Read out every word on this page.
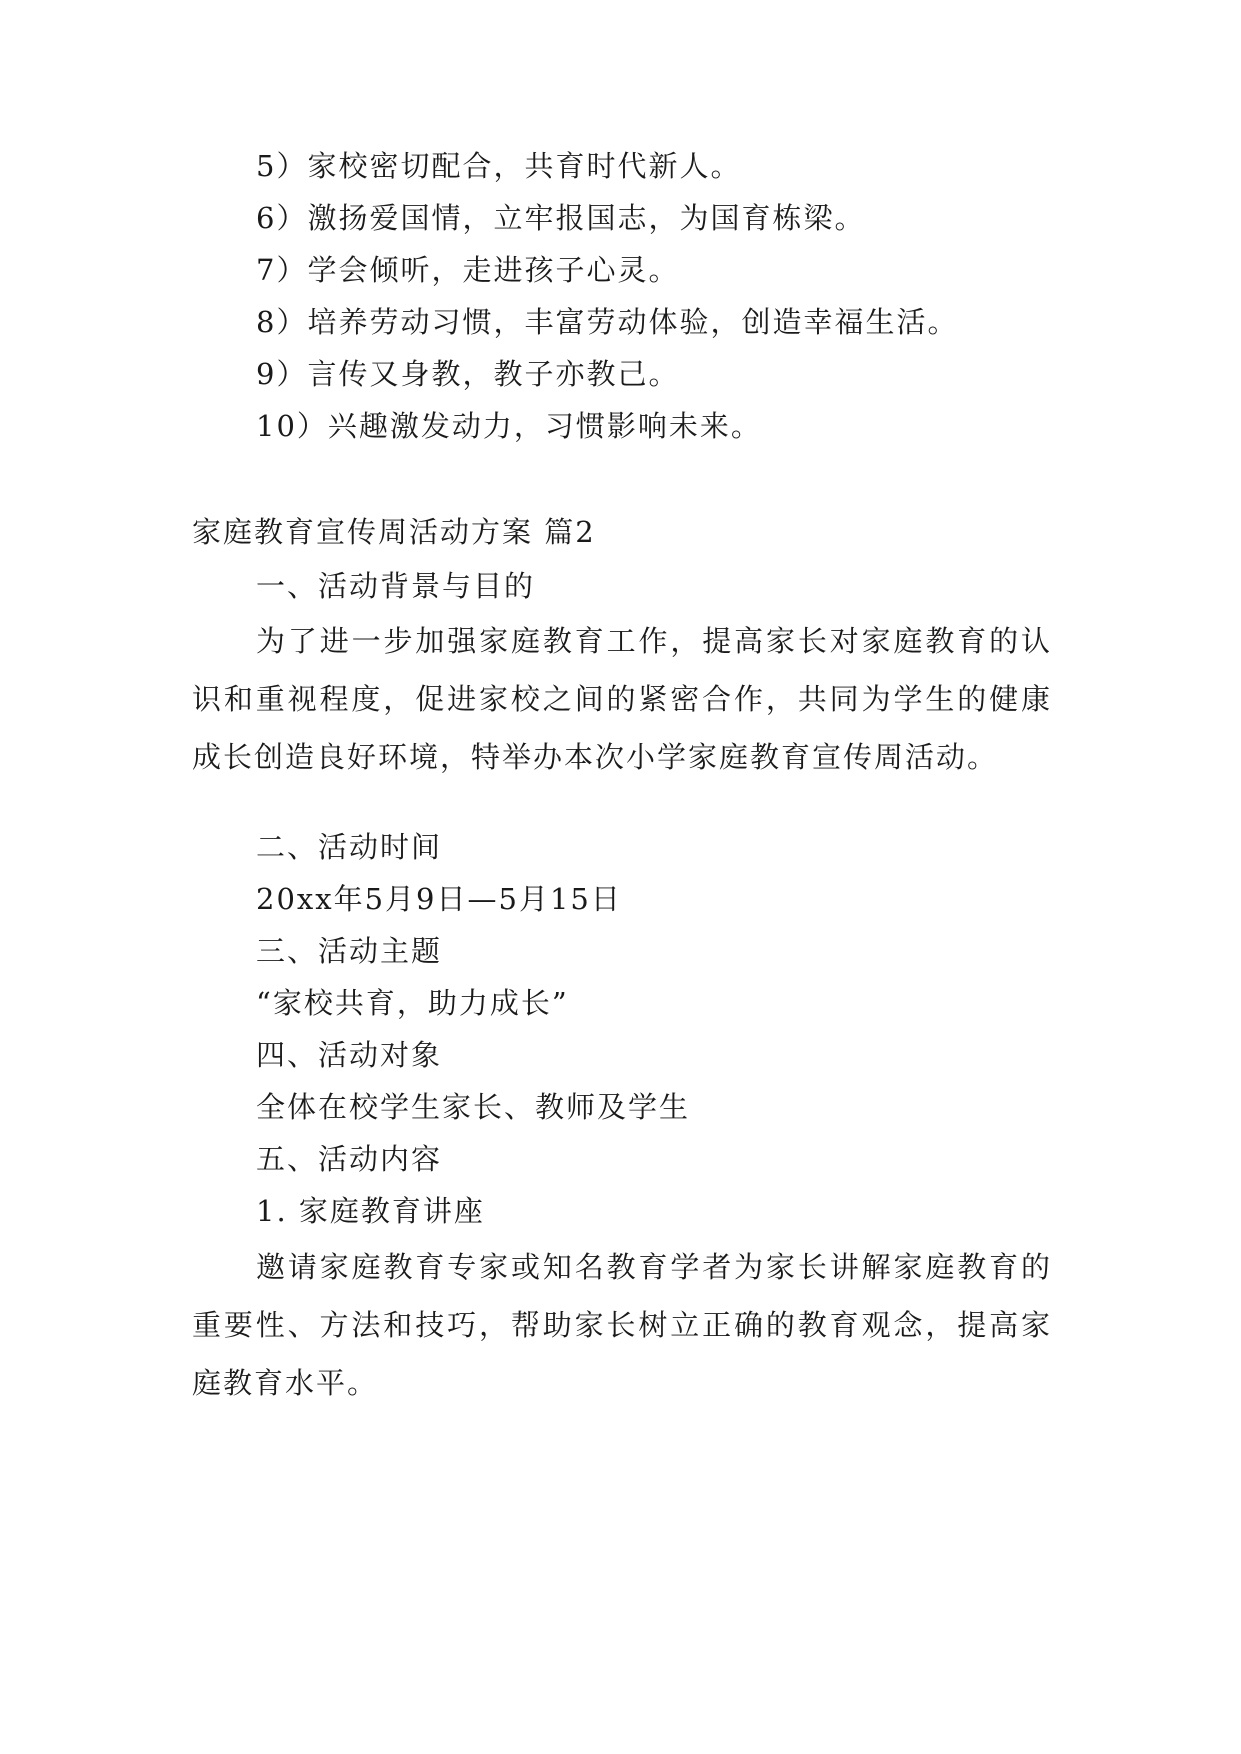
5）家校密切配合，共育时代新人。
6）激扬爱国情，立牢报国志，为国育栋梁。
7）学会倾听，走进孩子心灵。
8）培养劳动习惯，丰富劳动体验，创造幸福生活。
9）言传又身教，教子亦教己。
10）兴趣激发动力，习惯影响未来。
家庭教育宣传周活动方案 篇2
一、活动背景与目的
为了进一步加强家庭教育工作，提高家长对家庭教育的认识和重视程度，促进家校之间的紧密合作，共同为学生的健康成长创造良好环境，特举办本次小学家庭教育宣传周活动。
二、活动时间
20xx年5月9日—5月15日
三、活动主题
“家校共育，助力成长”
四、活动对象
全体在校学生家长、教师及学生
五、活动内容
1. 家庭教育讲座
邀请家庭教育专家或知名教育学者为家长讲解家庭教育的重要性、方法和技巧，帮助家长树立正确的教育观念，提高家庭教育水平。
